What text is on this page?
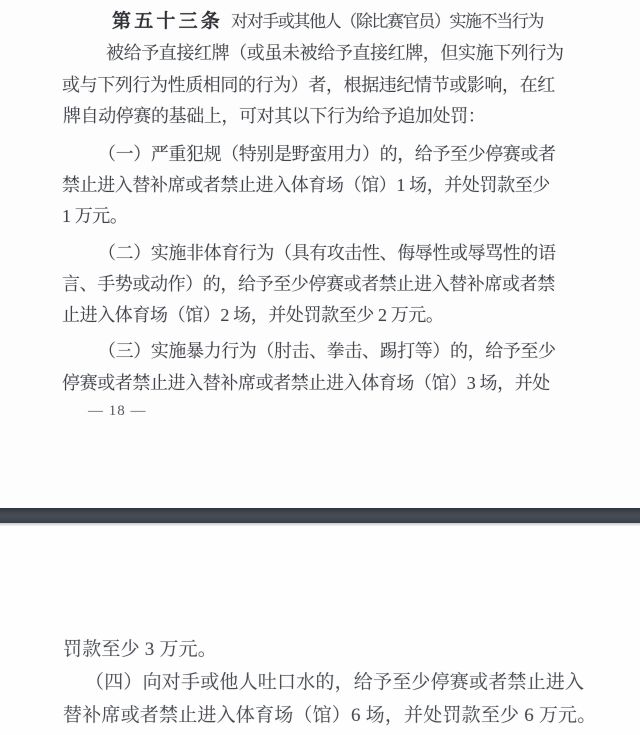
第五十三条 对对手或其他人（除比赛官员）实施不当行为
被给予直接红牌（或虽未被给予直接红牌，但实施下列行为
或与下列行为性质相同的行为）者，根据违纪情节或影响，在红
牌自动停赛的基础上，可对其以下行为给予追加处罚：
（一）严重犯规（特别是野蛮用力）的，给予至少停赛或者
禁止进入替补席或者禁止进入体育场（馆）1 场，并处罚款至少
1 万元。
（二）实施非体育行为（具有攻击性、侮辱性或辱骂性的语
言、手势或动作）的，给予至少停赛或者禁止进入替补席或者禁
止进入体育场（馆）2 场，并处罚款至少 2 万元。
（三）实施暴力行为（肘击、拳击、踢打等）的，给予至少
停赛或者禁止进入替补席或者禁止进入体育场（馆）3 场，并处
— 18 —
罚款至少 3 万元。
（四）向对手或他人吐口水的，给予至少停赛或者禁止进入
替补席或者禁止进入体育场（馆）6 场，并处罚款至少 6 万元。
